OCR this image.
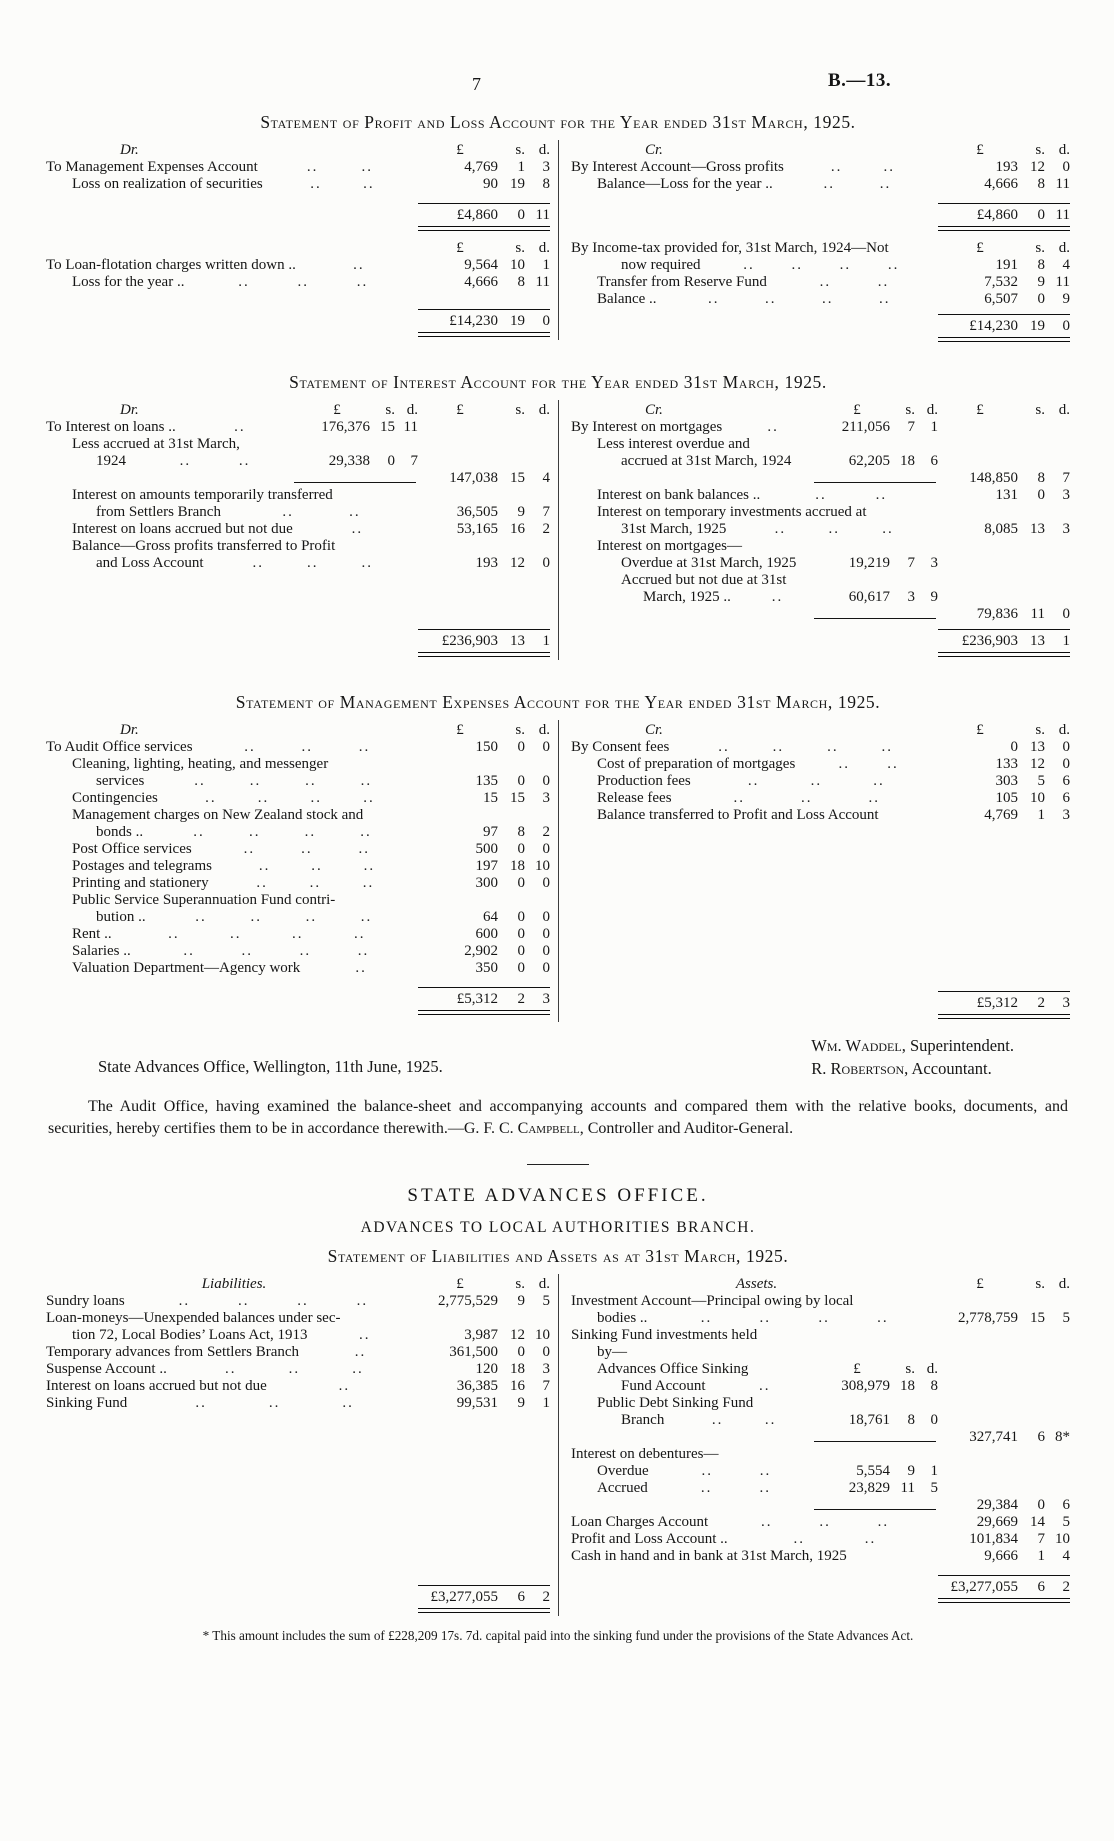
7	B.—13.
Statement of Profit and Loss Account for the Year ended 31st March, 1925.
Dr.	£	s. d.
To Management Expenses Account	..	..	4,769	1	3
Loss on realization of securities	..	..	90 19	8
£4,860	0 11
£	s. d.
To Loan-flotation charges written down ..	..	9,564 10	1
Loss for the year ..	..	..	..	4,666	8 11
£14,230 19	0
Cr.	£	s. d.
By Interest Account—Gross profits	..	..	193 12	0
Balance—Loss for the year ..	..	..	4,666	8 11
£4,860	0 11
By Income-tax provided for, 31st March, 1924—Not	£	s. d.
now required	.. .. .. ..	191	8	4
Transfer from Reserve Fund	..	..	7,532	9 11
Balance ..	..	..	..	..	6,507	0	9
£14,230 19	0
Statement of Interest Account for the Year ended 31st March, 1925.
Dr.	£	s. d.	£	s. d.
To Interest on loans ..	..	176,376 15 11
Less accrued at 31st March,
1924	..	..	29,338	0	7
147,038 15	4
Interest on amounts temporarily transferred
from Settlers Branch	..	..	36,505	9	7
Interest on loans accrued but not due	..	53,165 16	2
Balance—Gross profits transferred to Profit
and Loss Account	..	..	..	193 12	0
£236,903 13	1
Cr.	£	s. d.	£	s. d.
By Interest on mortgages	..	211,056	7	1
Less interest overdue and
accrued at 31st March, 1924	62,205 18	6
148,850	8	7
Interest on bank balances ..	..	..	131	0	3
Interest on temporary investments accrued at
31st March, 1925	..	..	..	8,085 13	3
Interest on mortgages—
Overdue at 31st March, 1925	19,219	7	3
Accrued but not due at 31st
March, 1925 ..	..	60,617	3	9
79,836 11	0
£236,903 13	1
Statement of Management Expenses Account for the Year ended 31st March, 1925.
Dr.	£	s. d.
To Audit Office services	..	..	..	150	0	0
Cleaning, lighting, heating, and messenger
services	..	..	..	..	135	0	0
Contingencies	..	..	..	..	15 15	3
Management charges on New Zealand stock and
bonds ..	..	..	..	..	97	8	2
Post Office services	..	..	..	500	0	0
Postages and telegrams	..	..	..	197 18 10
Printing and stationery	..	..	..	300	0	0
Public Service Superannuation Fund contri-
bution ..	..	..	..	..	64	0	0
Rent ..	..	..	..	..	600	0	0
Salaries ..	..	..	..	..	2,902	0	0
Valuation Department—Agency work	..	350	0	0
£5,312	2	3
Cr.	£	s. d.
By Consent fees	..	..	..	..	0 13	0
Cost of preparation of mortgages	.. ..	133 12	0
Production fees	..	..	..	303	5	6
Release fees	..	..	..	105 10	6
Balance transferred to Profit and Loss Account	4,769	1	3
£5,312	2	3
State Advances Office, Wellington, 11th June, 1925.
Wm. Waddel, Superintendent.
R. Robertson, Accountant.

The Audit Office, having examined the balance-sheet and accompanying accounts and compared them with the relative books, documents, and securities, hereby certifies them to be in accordance therewith.—G. F. C. Campbell, Controller and Auditor-General.

STATE ADVANCES OFFICE.
ADVANCES TO LOCAL AUTHORITIES BRANCH.
Statement of Liabilities and Assets as at 31st March, 1925.
Liabilities.	£	s. d.
Sundry loans	..	..	..	..	2,775,529	9	5
Loan-moneys—Unexpended balances under sec-
tion 72, Local Bodies’ Loans Act, 1913	..	3,987 12 10
Temporary advances from Settlers Branch	..	361,500	0	0
Suspense Account ..	..	..	..	120 18	3
Interest on loans accrued but not due	..	36,385 16	7
Sinking Fund	..	..	..	99,531	9	1
£3,277,055	6	2
Assets.	£	s. d.
Investment Account—Principal owing by local
bodies ..	..	..	..	..	2,778,759 15	5
Sinking Fund investments held
by—
Advances Office Sinking	£	s. d.
Fund Account	..	308,979 18	8
Public Debt Sinking Fund
Branch	..	..	18,761	8	0
327,741	6 8*
Interest on debentures—
Overdue	..	..	5,554	9	1
Accrued	..	..	23,829 11	5
29,384	0	6
Loan Charges Account	..	..	..	29,669 14	5
Profit and Loss Account ..	..	..	101,834	7 10
Cash in hand and in bank at 31st March, 1925	9,666	1	4
£3,277,055	6	2

* This amount includes the sum of £228,209 17s. 7d. capital paid into the sinking fund under the provisions of the State Advances Act.
